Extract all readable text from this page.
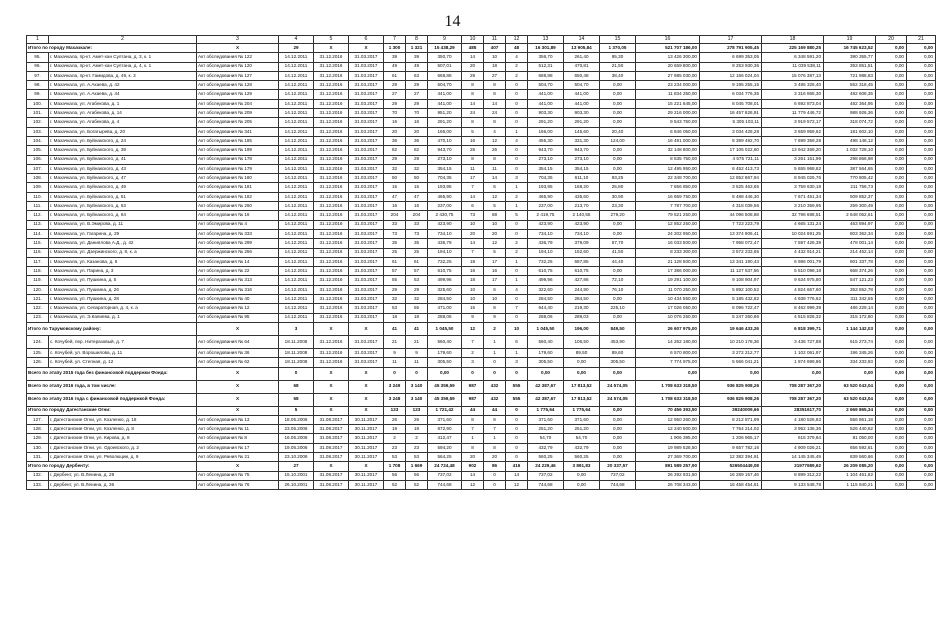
14
1	2	3	4	5	6	7	8	9	10	11	12	13	14	15	16	17	18	19	20	21
Итого по городу Махачкале:		X	29	X	X	1 300	1 321	15 438,29	485	407	48	16 301,89	13 905,84	1 370,05	521 707 186,00	278 791 905,45	225 169 880,25	16 745 623,52	0,00	0,00
95.	г. Махачкала, пр-кт. Амет-хан Султана, д. 3, к. 1	Акт обследования № 122	14.12.2011	31.12.2016	31.03.2017	39	39	350,70	14	10	4	356,70	261,40	95,30	13 426 300,00	6 699 353,05	6 348 591,20	390 355,77	0,00	0,00
96.	г. Махачкала, пр-кт. Амет-хан Султана, д. 4, к. 1	Акт обследования № 120	14.12.2011	31.12.2016	31.03.2017	49	49	507,01	20	18	2	512,31	470,81	21,50	20 659 800,00	9 253 930,36	11 039 538,11	353 851,51	0,00	0,00
97.	г. Махачкала, пр-кт. Гамидова, д. 49, к. 3	Акт обследования № 127	14.12.2011	31.12.2016	31.03.2017	61	63	668,88	29	27	2	688,88	650,48	38,40	27 985 030,00	12 166 024,04	15 076 387,13	721 988,83	0,00	0,00
98.	г. Махачкала, ул. А.Акаева, д. 42	Акт обследования № 128	14.12.2011	31.12.2016	31.03.2017	29	29	504,70	8	8	0	504,70	504,70	0,00	23 234 000,00	9 195 255,15	3 486 326,40	552 318,45	0,00	0,00
99.	г. Махачкала, ул. А.Акаева, д. 44	Акт обследования № 129	14.12.2011	31.12.2016	31.03.2017	27	27	441,00	8	8	0	441,00	441,00	0,00	11 834 250,00	6 034 776,35	3 316 865,30	482 608,35	0,00	0,00
100.	г. Махачкала, ул. Агабекова, д. 1	Акт обследования № 204	14.12.2011	31.12.2016	31.03.2017	29	29	441,00	14	14	0	441,00	441,00	0,00	15 221 645,00	8 045 708,01	6 692 873,04	482 364,95	0,00	0,00
101.	г. Махачкала, ул. Агабекова, д. 14	Акт обследования № 209	14.12.2011	31.12.2016	31.03.2017	70	70	951,20	24	24	0	903,30	903,30	0,00	29 216 000,00	16 457 626,91	11 779 446,72	988 926,36	0,00	0,00
102.	г. Махачкала, ул. Агабекова, д. 4	Акт обследования № 205	14.12.2011	31.12.2016	31.03.2017	16	16	291,20	8	8	0	291,20	291,20	0,00	9 543 750,00	5 305 103,11	3 919 572,17	318 074,72	0,00	0,00
103.	г. Махачкала, ул. Богатырева, д. 20	Акт обследования № 341	14.12.2011	31.12.2016	31.03.2017	20	20	166,00	5	4	1	166,00	145,60	20,40	6 846 050,00	3 034 428,28	3 659 959,62	181 602,10	0,00	0,00
104.	г. Махачкала, ул. Буйнакского, д. 24	Акт обследования № 185	14.12.2011	31.12.2016	31.03.2017	36	36	470,10	16	12	4	455,30	331,30	124,00	16 491 000,00	8 399 492,70	7 699 359,28	498 148,12	0,00	0,00
105.	г. Махачкала, ул. Буйнакского, д. 39	Акт обследования № 199	14.12.2011	31.12.2016	31.03.2017	82	82	943,70	26	26	0	943,70	943,70	0,00	32 148 800,00	17 105 022,60	13 942 369,20	1 032 728,10	0,00	0,00
106.	г. Махачкала, ул. Буйнакского, д. 41	Акт обследования № 178	14.12.2011	31.12.2016	31.03.2017	29	29	273,10	8	8	0	273,10	273,10	0,00	8 535 750,00	4 575 721,11	3 261 151,99	298 866,98	0,00	0,00
107.	г. Махачкала, ул. Буйнакского, д. 43	Акт обследования № 179	14.12.2011	31.12.2016	31.03.2017	32	32	354,15	11	11	0	354,15	354,15	0,00	12 495 950,00	6 452 413,73	5 655 968,62	387 564,65	0,00	0,00
108.	г. Махачкала, ул. Буйнакского, д. 47	Акт обследования № 180	14.12.2011	31.12.2016	31.03.2017	50	50	704,35	17	14	3	704,35	611,10	93,25	22 348 700,00	12 852 867,94	8 945 026,76	770 805,42	0,00	0,00
109.	г. Махачкала, ул. Буйнакского, д. 49	Акт обследования № 181	14.12.2011	31.12.2016	31.03.2017	15	15	193,95	7	6	1	193,95	168,20	25,80	7 656 850,00	3 525 463,65	3 759 630,18	211 756,73	0,00	0,00
110.	г. Махачкала, ул. Буйнакского, д. 51	Акт обследования № 182	14.12.2011	31.12.2016	31.03.2017	47	47	465,90	14	12	2	465,90	435,60	30,90	16 659 750,00	8 488 446,30	7 671 451,34	509 852,37	0,00	0,00
111.	г. Махачкала, ул. Буйнакского, д. 53	Акт обследования № 260	14.12.2011	31.12.2016	31.03.2017	16	16	237,00	6	5	1	237,00	213,70	23,30	7 787 700,00	4 318 039,56	3 210 359,95	259 300,49	0,00	0,00
112.	г. Махачкала, ул. Буйнакского, д. 64	Акт обследования № 16	14.12.2011	31.12.2016	31.03.2017	204	204	2 430,75	73	68	5	2 419,75	2 140,55	279,20	79 521 250,00	44 096 508,88	32 796 688,51	2 648 052,61	0,00	0,00
113.	г. Махачкала, ул. В.Эмирова, д. 11	Акт обследования № 4	14.12.2011	31.12.2016	31.03.2017	33	33	423,90	10	10	0	423,90	423,90	0,00	12 852 250,00	7 723 223,79	4 665 131,24	463 894,97	0,00	0,00
114.	г. Махачкала, ул. Гагарина, д. 29	Акт обследования № 333	14.12.2011	31.12.2016	31.03.2017	73	73	734,10	20	20	0	734,10	734,10	0,00	24 202 950,00	13 374 906,41	10 024 691,25	803 362,34	0,00	0,00
115.	г. Махачкала, ул. Даниялова А.Д., д. 42	Акт обследования № 299	14.12.2011	31.12.2016	31.03.2017	35	35	436,79	14	12	2	436,79	379,09	57,70	16 033 500,00	7 958 072,47	7 597 426,39	478 001,14	0,00	0,00
116.	г. Махачкала, ул. Дзержинского, д. 8, к. а	Акт обследования № 256	14.12.2011	31.12.2016	31.03.2017	25	25	194,10	7	5	2	194,10	152,60	41,50	8 233 300,00	3 572 233,65	4 432 914,21	214 452,14	0,00	0,00
117.	г. Махачкала, ул. Казанова, д. 6	Акт обследования № 14	14.12.2011	31.12.2016	31.03.2017	61	61	732,25	18	17	1	732,25	687,85	44,40	21 128 500,00	13 341 190,43	6 986 001,79	801 337,78	0,00	0,00
118.	г. Махачкала, ул. Парина, д. 3	Акт обследования № 22	14.12.2011	31.12.2016	31.03.2017	57	57	610,75	16	16	0	610,75	610,75	0,00	17 386 000,00	11 127 537,56	5 510 098,18	668 374,26	0,00	0,00
119.	г. Махачкала, ул. Пушкина, д. 5	Акт обследования № 313	14.12.2011	31.12.2016	31.03.2017	55	53	499,96	18	17	1	499,96	427,86	72,10	19 291 100,00	9 108 904,97	9 634 975,80	547 121,23	0,00	0,00
120.	г. Махачкала, ул. Пушкина, д. 26	Акт обследования № 316	14.12.2011	31.12.2016	31.03.2017	29	29	325,60	10	6	4	322,60	244,90	76,10	11 070 250,00	5 892 100,52	4 824 667,60	353 552,78	0,00	0,00
121.	г. Махачкала, ул. Пушкина, д. 28	Акт обследования № 40	14.12.2011	31.12.2016	31.03.2017	32	32	284,50	10	10	0	284,50	284,50	0,00	10 434 550,00	5 185 432,82	4 938 776,62	311 342,55	0,00	0,00
122.	г. Махачкала, ул. Сепараторная, д. 4, к. а	Акт обследования № 12	14.12.2011	31.12.2016	31.03.2017	53	55	471,00	15	8	7	644,40	219,30	225,10	17 026 050,00	8 096 722,47	8 462 999,39	486 229,14	0,00	0,00
123.	г. Махачкала, ул. Э.Капиева, д. 1	Акт обследования № 95	14.12.2011	31.12.2016	31.03.2017	18	18	288,06	9	9	0	288,06	289,03	0,00	10 076 250,00	5 247 260,86	4 515 826,32	315 172,80	0,00	0,00
Итого по Тарумовскому району:		X	3	X	X	41	41	1 045,50	12	2	10	1 045,50	196,00	849,50	26 607 975,00	19 646 433,26	6 818 399,71	1 144 142,03	0,00	0,00
124.	с. Кочубей, пер. Нитеразовый, д. 7	Акт обследования № 64	18.11.2008	31.12.2016	31.03.2017	21	21	560,40	7	1	6	560,40	106,50	453,90	14 262 180,00	10 210 178,36	3 436 727,88	615 273,74	0,00	0,00
125.	с. Кочубей, ул. Ворошилова, д. 11	Акт обследования № 36	18.11.2008	31.12.2016	31.03.2017	9	9	179,60	2	1	1	179,60	89,50	89,60	6 570 800,00	3 272 212,77	1 102 061,97	196 345,26	0,00	0,00
126.	с. Кочубей, ул. Степная, д. 12	Акт обследования № 62	18.11.2008	31.12.2016	31.03.2017	11	11	305,50	3	0	3	305,50	0,00	305,50	7 774 975,00	5 566 041,21	1 874 699,86	334 233,93	0,00	0,00
Всего по этапу 2015 года без финансовой поддержки Фонда:		X	0	X	X	0	0	0,00	0	0	0	0,00	0,00	0,00	0,00	0,00	0,00	0,00	0,00	0,00
Всего по этапу 2016 года, в том числе:		X	68	X	X	3 249	3 140	45 359,59	987	432	555	42 387,67	17 813,52	24 574,05	1 708 633 318,50	936 825 908,26	708 287 367,20	63 520 043,04	0,00	0,00
Всего по этапу 2016 года с финансовой поддержкой Фонда:		X	68	X	X	3 248	3 140	45 359,59	987	432	555	42 387,67	17 813,52	24 574,05	1 708 633 318,50	936 825 908,26	708 287 367,20	63 520 043,04	0,00	0,00
Итого по городу Дагестанские Огни:		X	5	X	X	123	123	1 721,42	44	44	0	1 775,64	1 775,64	0,00	70 456 393,50	39240009,66	28351617,70	2 669 865,34	0,00	0,00
127.	г. Дагестанские Огни, ул. Козленко, д. 18	Акт обследования № 13	18.05.2006	31.08.2017	30.11.2017	26	26	371,60	8	8	0	371,60	371,60	0,00	12 950 260,00	8 212 871,99	4 180 526,83	556 861,18	0,00	0,00
128.	г. Дагестанские Огни, ул. Козленко, д. 8	Акт обследования № 11	23.05.2006	31.08.2017	30.11.2017	19	19	872,90	7	7	0	251,20	251,20	0,00	12 240 500,00	7 764 214,02	3 952 136,36	526 440,62	0,00	0,00
129.	г. Дагестанские Огни, ул. Кирова, д. 8	Акт обследования № 8	16.05.2006	31.08.2017	30.11.2017	2	2	412,47	1	1	0	54,70	54,70	0,00	1 906 395,00	1 206 965,17	615 379,84	81 050,00	0,00	0,00
130.	г. Дагестанские Огни, ул. Одоевского, д. 2	Акт обследования № 17	19.05.2006	31.08.2017	30.11.2017	23	23	594,20	8	8	0	432,79	432,79	0,00	19 989 528,50	9 657 782,16	4 909 026,21	656 592,61	0,00	0,00
131.	г. Дагестанские Огни, ул. Революции, д. 9	Акт обследования № 21	23.10.2006	31.08.2017	30.11.2017	53	53	564,25	20	20	0	560,25	560,25	0,00	27 369 700,00	12 382 394,91	14 145 345,49	839 560,66	0,00	0,00
Итого по городу Дербенту:		X	27	X	X	1 708	1 669	24 724,48	902	86	416	24 229,46	3 891,83	20 337,57	891 589 257,90	526504449,08	31977689,62	26 209 085,20	0,00	0,00
132.	г. Дербент, ул. В.Ленина, д. 28	Акт обследования № 75	15.10.2001	31.08.2017	30.11.2017	56	56	737,02	14	0	14	737,02	0,00	737,02	26 292 931,50	16 289 157,46	8 899 312,22	1 104 461,82	0,00	0,00
133.	г. Дербент, ул. В.Ленина, д. 36	Акт обследования № 76	26.10.2001	31.08.2017	30.11.2017	52	52	744,68	12	0	12	744,68	0,00	744,68	26 708 343,00	16 458 454,61	9 133 548,78	1 115 940,21	0,00	0,00
